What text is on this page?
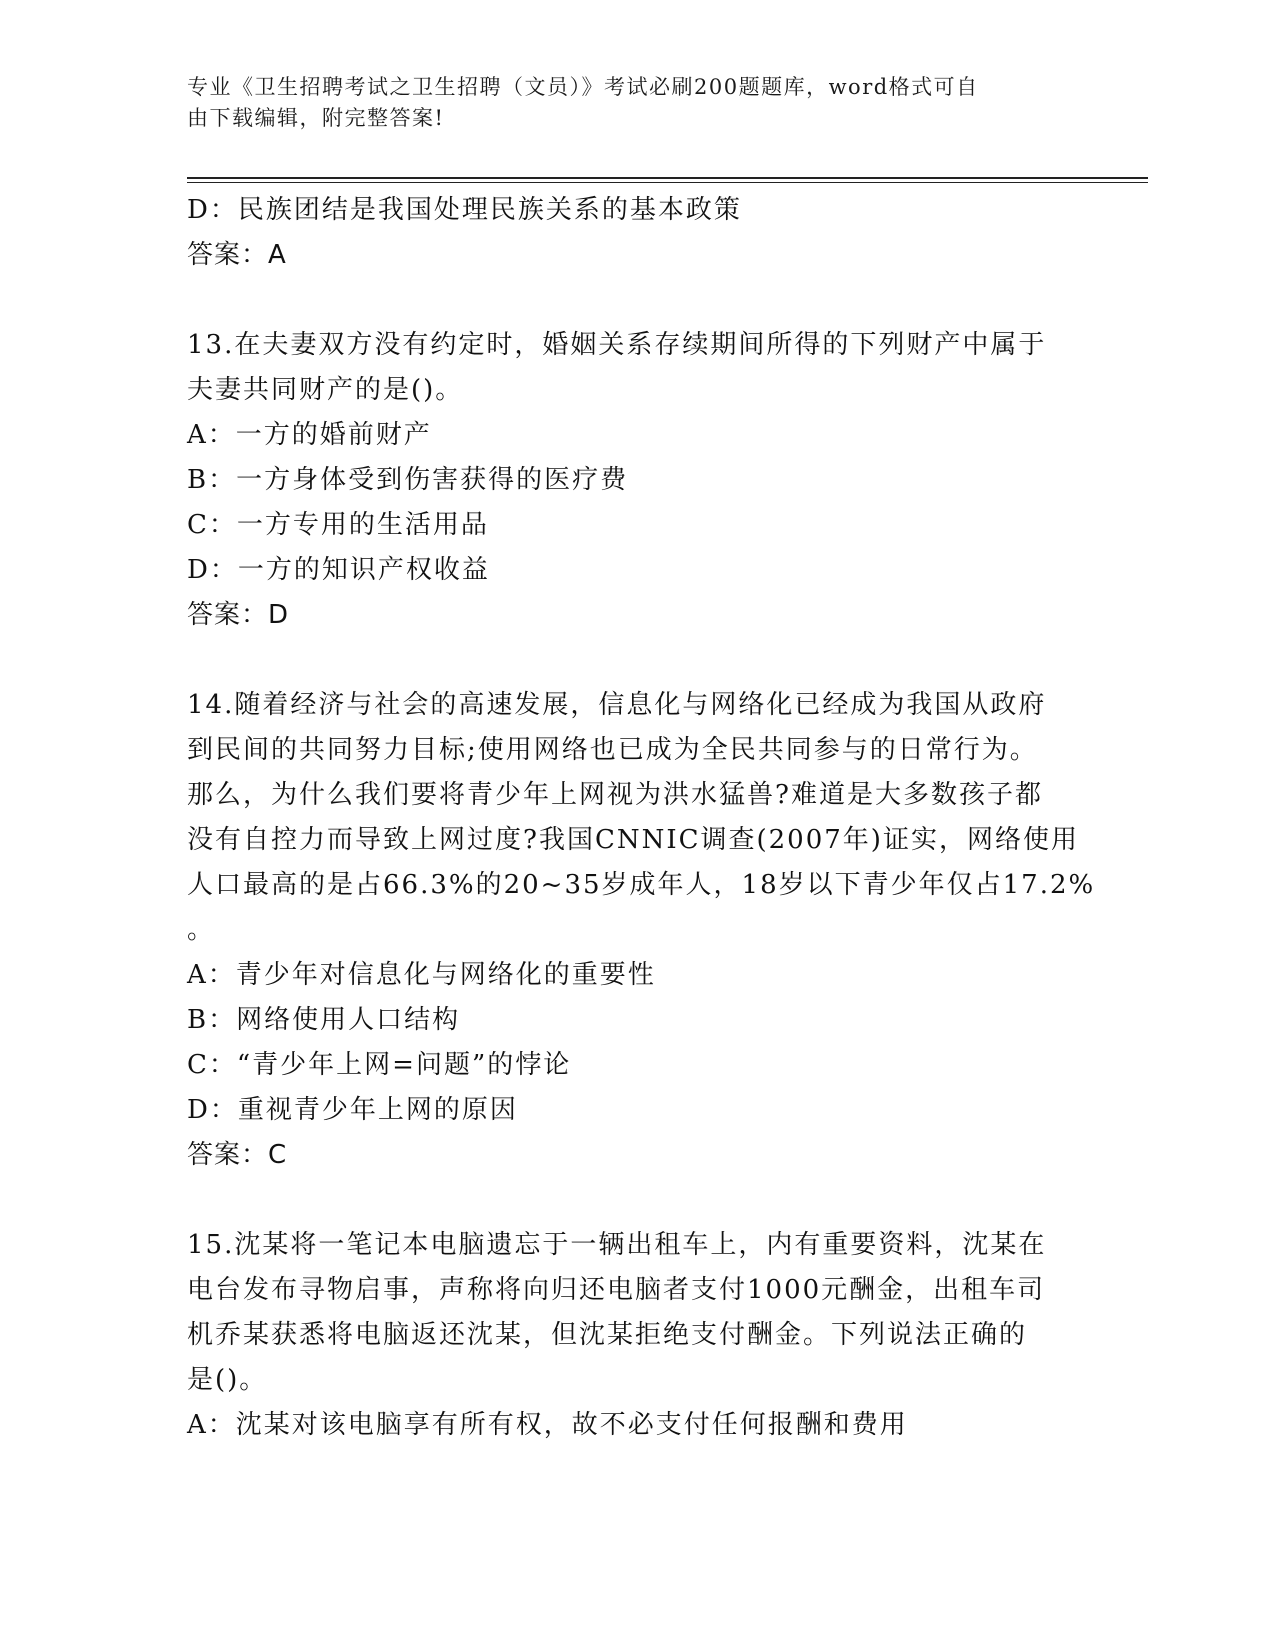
专业《卫生招聘考试之卫生招聘（文员）》考试必刷200题题库，word格式可自
由下载编辑，附完整答案!
D：民族团结是我国处理民族关系的基本政策
答案：A
13.在夫妻双方没有约定时，婚姻关系存续期间所得的下列财产中属于
夫妻共同财产的是()。
A：一方的婚前财产
B：一方身体受到伤害获得的医疗费
C：一方专用的生活用品
D：一方的知识产权收益
答案：D
14.随着经济与社会的高速发展，信息化与网络化已经成为我国从政府
到民间的共同努力目标;使用网络也已成为全民共同参与的日常行为。
那么，为什么我们要将青少年上网视为洪水猛兽?难道是大多数孩子都
没有自控力而导致上网过度?我国CNNIC调查(2007年)证实，网络使用
人口最高的是占66.3%的20~35岁成年人，18岁以下青少年仅占17.2%
。
A：青少年对信息化与网络化的重要性
B：网络使用人口结构
C：“青少年上网=问题”的悖论
D：重视青少年上网的原因
答案：C
15.沈某将一笔记本电脑遗忘于一辆出租车上，内有重要资料，沈某在
电台发布寻物启事，声称将向归还电脑者支付1000元酬金，出租车司
机乔某获悉将电脑返还沈某，但沈某拒绝支付酬金。下列说法正确的
是()。
A：沈某对该电脑享有所有权，故不必支付任何报酬和费用
